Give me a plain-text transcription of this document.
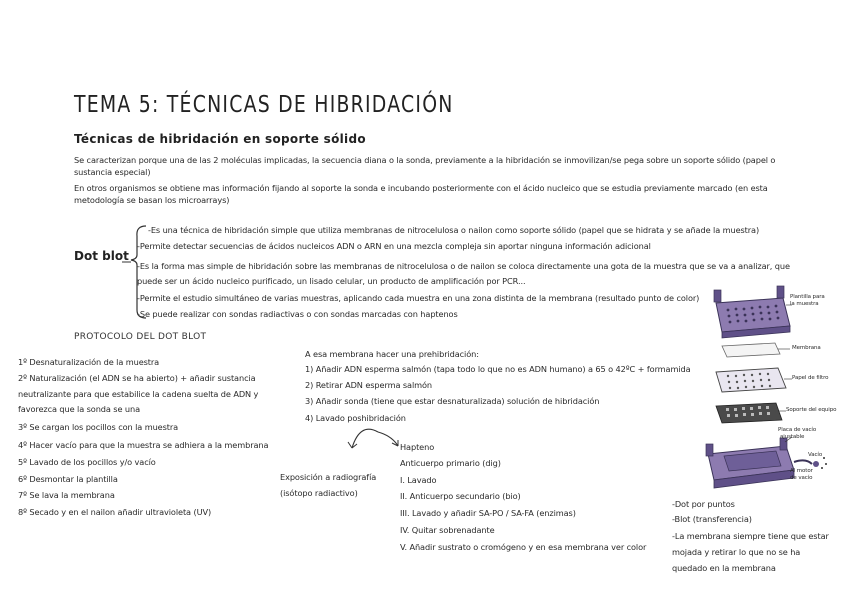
TEMA 5: TÉCNICAS DE HIBRIDACIÓN
Técnicas de hibridación en soporte sólido
Se caracterizan porque una de las 2 moléculas implicadas, la secuencia diana o la sonda, previamente a la hibridación se inmovilizan/se pega sobre un soporte sólido (papel o
sustancia especial)
En otros organismos se obtiene mas información fijando al soporte la sonda e incubando posteriormente con el ácido nucleico que se estudia previamente marcado (en esta
metodología se basan los microarrays)
Dot blot
-Es una técnica de hibridación simple que utiliza membranas de nitrocelulosa o nailon como soporte sólido (papel que se hidrata y se añade la muestra)
-Permite detectar secuencias de ácidos nucleicos ADN o ARN en una mezcla compleja sin aportar ninguna información adicional
-Es la forma mas simple de hibridación sobre las membranas de nitrocelulosa o de nailon se coloca directamente una gota de la muestra que se va a analizar, que
puede ser un ácido nucleico purificado, un lisado celular, un producto de amplificación por PCR...
-Permite el estudio simultáneo de varias muestras, aplicando cada muestra en una zona distinta de la membrana (resultado punto de color)
-Se puede realizar con sondas radiactivas o con sondas marcadas con haptenos
PROTOCOLO DEL DOT BLOT
1º Desnaturalización de la muestra
2º Naturalización (el ADN se ha abierto) + añadir sustancia
neutralizante para que estabilice la cadena suelta de ADN y
favorezca que la sonda se una
3º Se cargan los pocillos con la muestra
4º Hacer vacío para que la muestra se adhiera a la membrana
5º Lavado de los pocillos y/o vacío
6º Desmontar la plantilla
7º Se lava la membrana
8º Secado y en el nailon añadir ultravioleta (UV)
A esa membrana hacer una prehibridación:
1) Añadir ADN esperma salmón (tapa todo lo que no es ADN humano) a 65 o 42ºC + formamida
2) Retirar ADN esperma salmón
3) Añadir sonda (tiene que estar desnaturalizada) solución de hibridación
4) Lavado poshibridación
Exposición a radiografía
(isótopo radiactivo)
Hapteno
Anticuerpo primario (dig)
I. Lavado
II. Anticuerpo secundario (bio)
III. Lavado y añadir SA-PO / SA-FA (enzimas)
IV. Quitar sobrenadante
V. Añadir sustrato o cromógeno y en esa membrana ver color
-Dot por puntos
-Blot (transferencia)
-La membrana siempre tiene que estar
mojada y retirar lo que no se ha
quedado en la membrana
Plantilla para
la muestra
Membrana
Papel de filtro
Soporte del equipo
Placa de vacío
ajustable
Vacío
Al motor
de vacío
